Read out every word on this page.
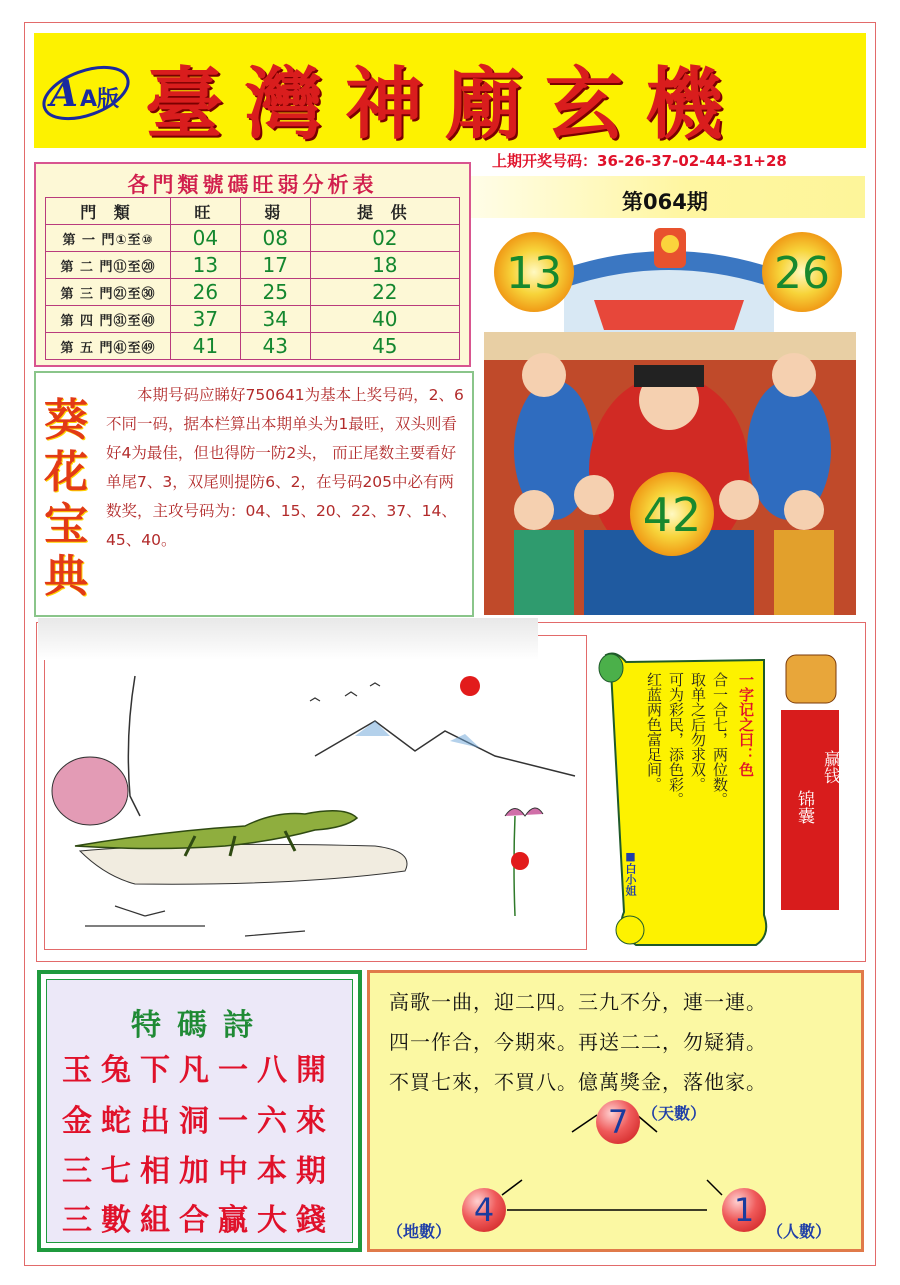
A A版 臺灣神廟玄機
上期开奖号码：36-26-37-02-44-31+28
第064期
各門類號碼旺弱分析表
門 類	旺	弱	提 供
第 一 門①至⑩	04	08	02
第 二 門⑪至⑳	13	17	18
第 三 門㉑至㉚	26	25	22
第 四 門㉛至㊵	37	34	40
第 五 門㊶至㊾	41	43	45
葵花宝典
本期号码应睇好750641为基本上奖号码，2、6不同一码，据本栏算出本期单头为1最旺，双头则看好4为最佳，但也得防一防2头， 而正尾数主要看好单尾7、3，双尾则提防6、2，在号码205中必有两数奖，主攻号码为：04、15、20、22、37、14、45、40。
13	26
42
一字记之曰：色
合一合七，两位数。
取单之后勿求双。
可为彩民，添色彩。
红蓝两色富足间。
■白小姐
锦囊
赢钱
特碼詩
玉兔下凡一八開
金蛇出洞一六來
三七相加中本期
三數組合贏大錢
高歌一曲，迎二四。三九不分，連一連。
四一作合，今期來。再送二二，勿疑猜。
不買七來，不買八。億萬獎金，落他家。
7 （天數）
4
（地數）
1
（人數）
